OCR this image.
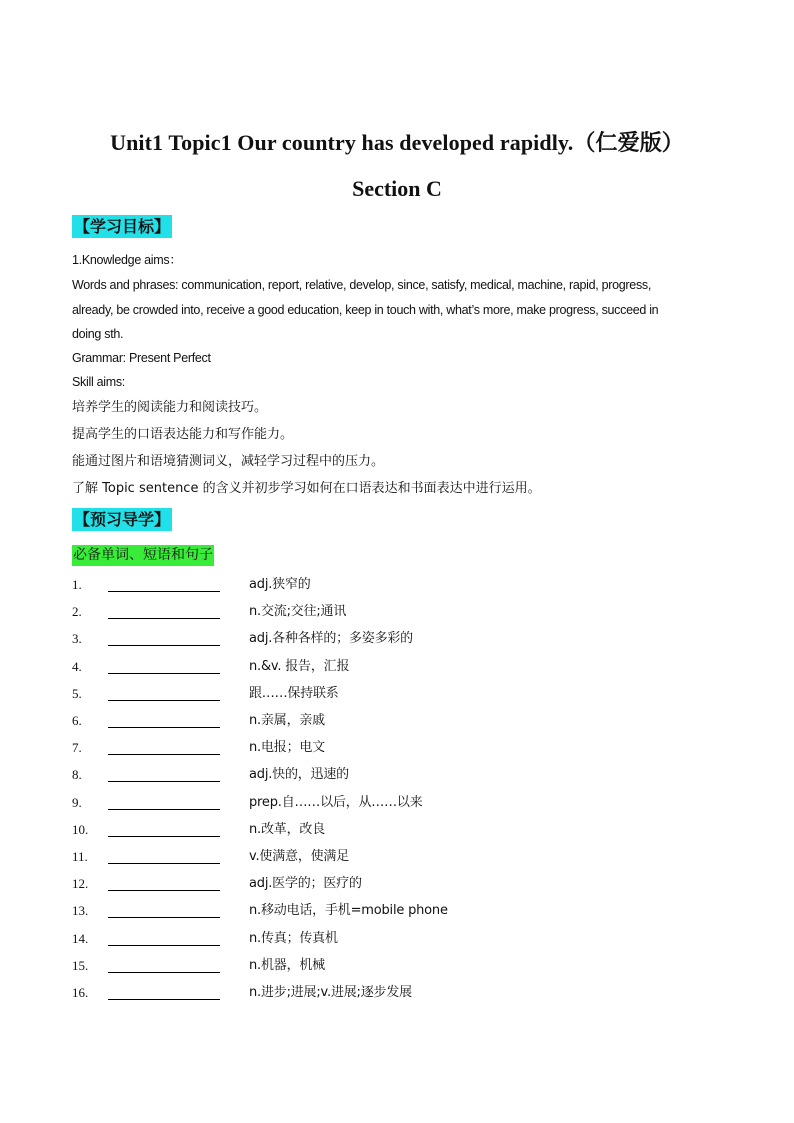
Unit1 Topic1 Our country has developed rapidly.（仁爱版）
Section C
【学习目标】
1.Knowledge aims：
Words and phrases: communication, report, relative, develop, since, satisfy, medical, machine, rapid, progress,
already, be crowded into, receive a good education, keep in touch with, what’s more, make progress, succeed in
doing sth.
Grammar: Present Perfect
Skill aims:
培养学生的阅读能力和阅读技巧。
提高学生的口语表达能力和写作能力。
能通过图片和语境猜测词义，减轻学习过程中的压力。
了解 Topic sentence 的含义并初步学习如何在口语表达和书面表达中进行运用。
【预习导学】
必备单词、短语和句子
1.	adj.狭窄的
2.	n.交流;交往;通讯
3.	adj.各种各样的；多姿多彩的
4.	n.&v. 报告，汇报
5.	跟……保持联系
6.	n.亲属，亲戚
7.	n.电报；电文
8.	adj.快的，迅速的
9.	prep.自……以后，从……以来
10.	n.改革，改良
11.	v.使满意，使满足
12.	adj.医学的；医疗的
13.	n.移动电话，手机=mobile phone
14.	n.传真；传真机
15.	n.机器，机械
16.	n.进步;进展;v.进展;逐步发展
